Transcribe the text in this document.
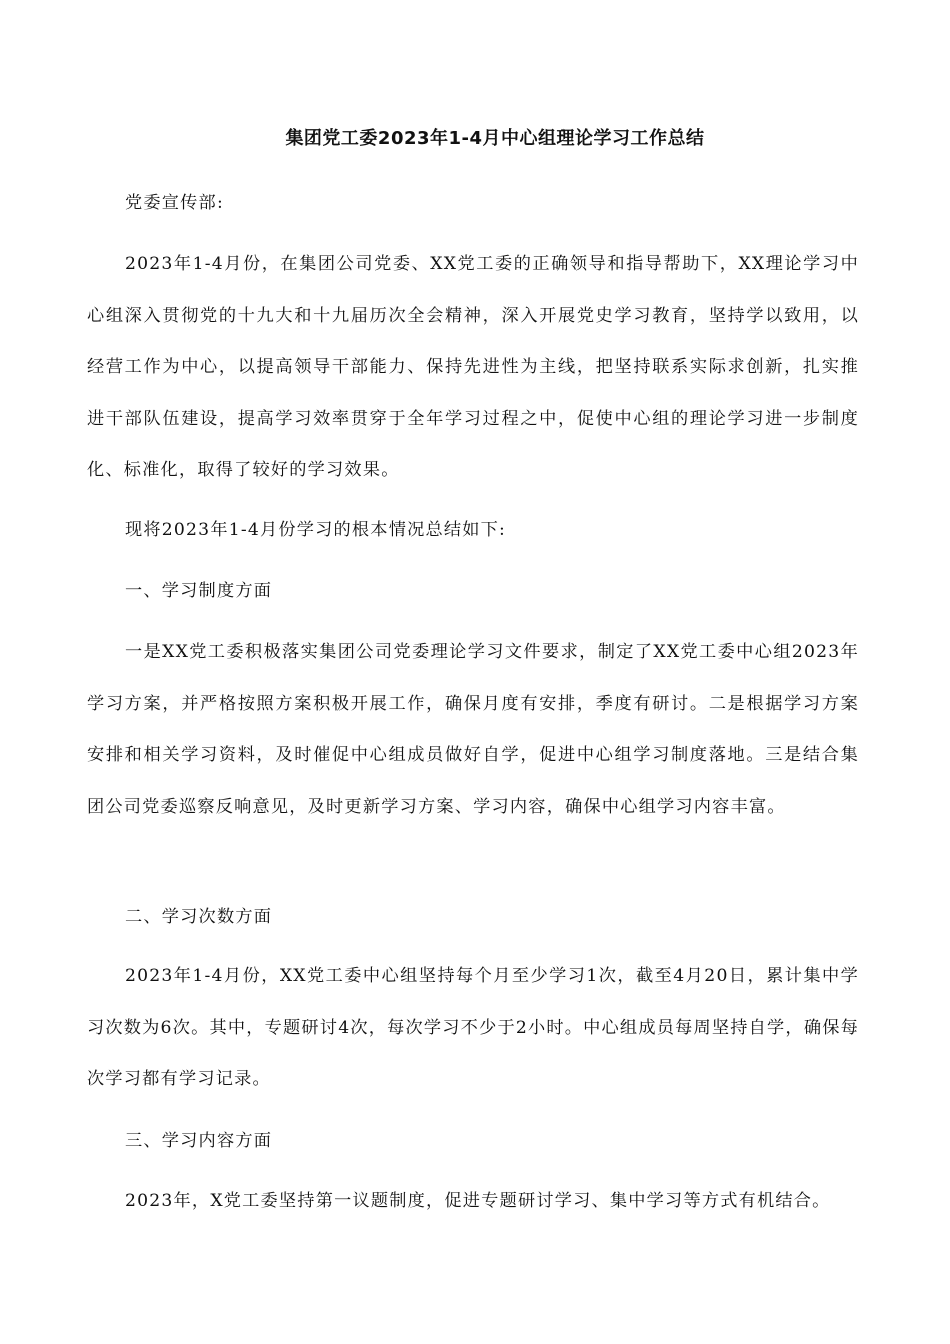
集团党工委2023年1-4月中心组理论学习工作总结

党委宣传部:

2023年1-4月份，在集团公司党委、XX党工委的正确领导和指导帮助下，XX理论学习中心组深入贯彻党的十九大和十九届历次全会精神，深入开展党史学习教育，坚持学以致用，以经营工作为中心，以提高领导干部能力、保持先进性为主线，把坚持联系实际求创新，扎实推进干部队伍建设，提高学习效率贯穿于全年学习过程之中，促使中心组的理论学习进一步制度化、标准化，取得了较好的学习效果。

现将2023年1-4月份学习的根本情况总结如下:

一、学习制度方面

一是XX党工委积极落实集团公司党委理论学习文件要求，制定了XX党工委中心组2023年学习方案，并严格按照方案积极开展工作，确保月度有安排，季度有研讨。二是根据学习方案安排和相关学习资料，及时催促中心组成员做好自学，促进中心组学习制度落地。三是结合集团公司党委巡察反响意见，及时更新学习方案、学习内容，确保中心组学习内容丰富。

二、学习次数方面

2023年1-4月份，XX党工委中心组坚持每个月至少学习1次，截至4月20日，累计集中学习次数为6次。其中，专题研讨4次，每次学习不少于2小时。中心组成员每周坚持自学，确保每次学习都有学习记录。

三、学习内容方面

2023年，X党工委坚持第一议题制度，促进专题研讨学习、集中学习等方式有机结合。
